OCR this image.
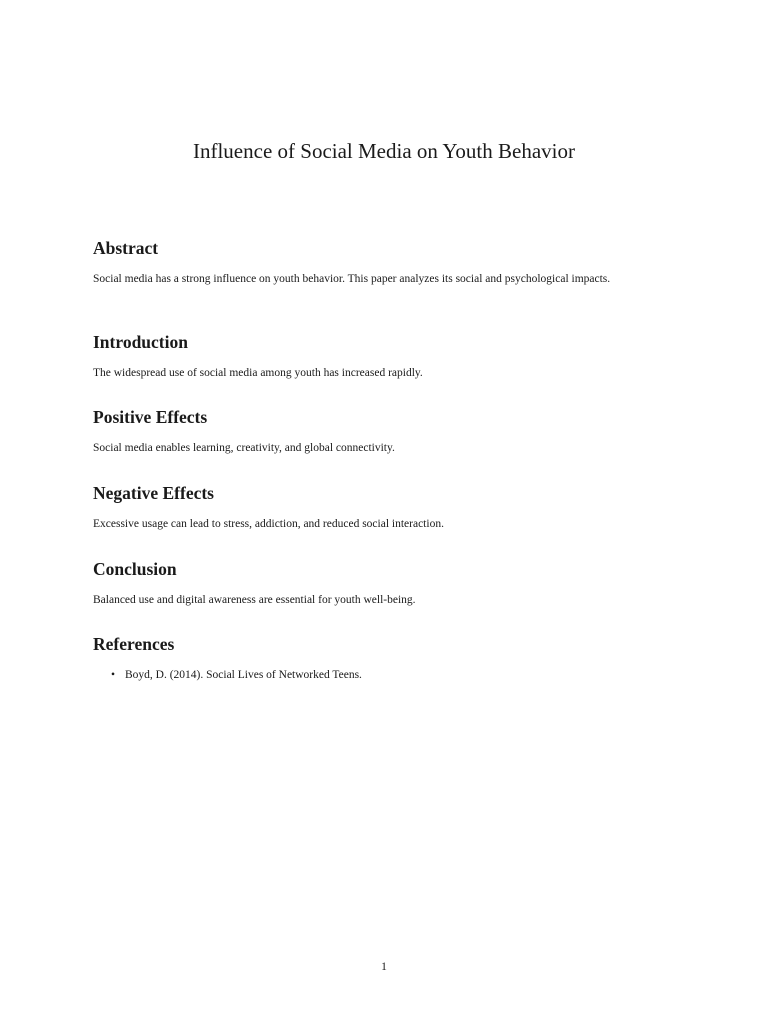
Influence of Social Media on Youth Behavior
Abstract

Social media has a strong influence on youth behavior. This paper analyzes its social and psychological impacts.

Introduction

The widespread use of social media among youth has increased rapidly.

Positive Effects

Social media enables learning, creativity, and global connectivity.

Negative Effects

Excessive usage can lead to stress, addiction, and reduced social interaction.

Conclusion

Balanced use and digital awareness are essential for youth well-being.

References
• Boyd, D. (2014). Social Lives of Networked Teens.

1
